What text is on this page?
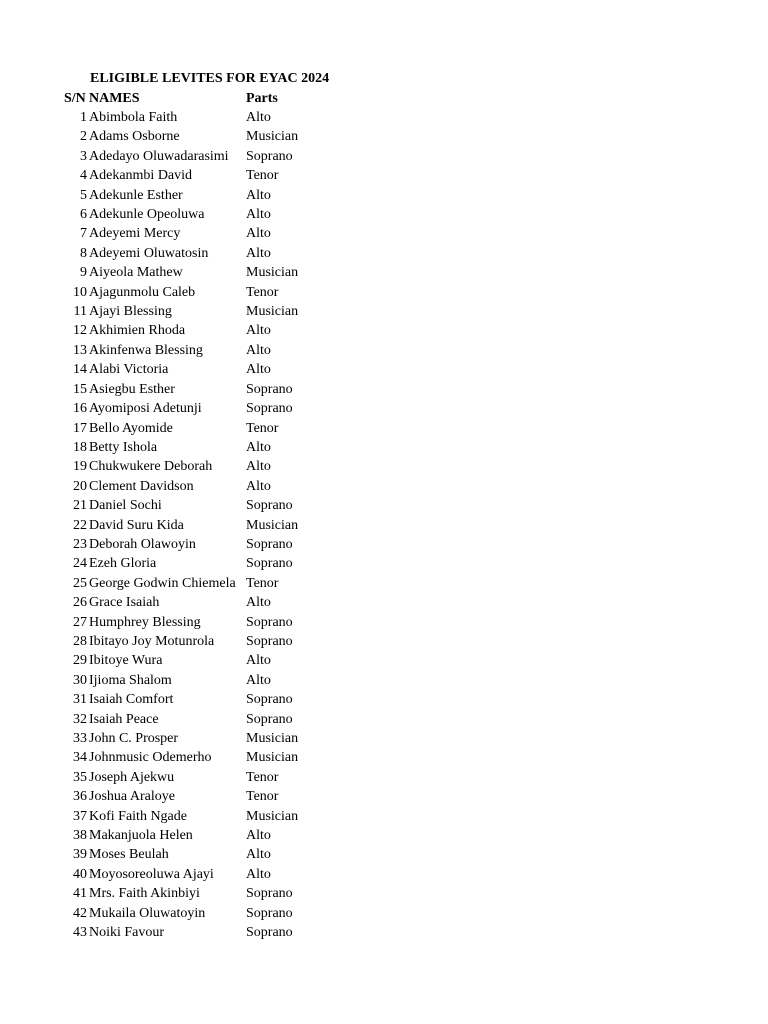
ELIGIBLE LEVITES FOR EYAC 2024
S/N NAMES	Parts
1 Abimbola Faith	Alto
2 Adams Osborne	Musician
3 Adedayo Oluwadarasimi Soprano
4 Adekanmbi David	Tenor
5 Adekunle Esther	Alto
6 Adekunle Opeoluwa	Alto
7 Adeyemi Mercy	Alto
8 Adeyemi Oluwatosin	Alto
9 Aiyeola Mathew	Musician
10 Ajagunmolu Caleb	Tenor
11 Ajayi Blessing	Musician
12 Akhimien Rhoda	Alto
13 Akinfenwa Blessing	Alto
14 Alabi Victoria	Alto
15 Asiegbu Esther	Soprano
16 Ayomiposi Adetunji	Soprano
17 Bello Ayomide	Tenor
18 Betty Ishola	Alto
19 Chukwukere Deborah Alto
20 Clement Davidson	Alto
21 Daniel Sochi	Soprano
22 David Suru Kida	Musician
23 Deborah Olawoyin	Soprano
24 Ezeh Gloria	Soprano
25 George Godwin Chiemela Tenor
26 Grace Isaiah	Alto
27 Humphrey Blessing	Soprano
28 Ibitayo Joy Motunrola Soprano
29 Ibitoye Wura	Alto
30 Ijioma Shalom	Alto
31 Isaiah Comfort	Soprano
32 Isaiah Peace	Soprano
33 John C. Prosper	Musician
34 Johnmusic Odemerho Musician
35 Joseph Ajekwu	Tenor
36 Joshua Araloye	Tenor
37 Kofi Faith Ngade	Musician
38 Makanjuola Helen	Alto
39 Moses Beulah	Alto
40 Moyosoreoluwa Ajayi Alto
41 Mrs. Faith Akinbiyi	Soprano
42 Mukaila Oluwatoyin	Soprano
43 Noiki Favour	Soprano
